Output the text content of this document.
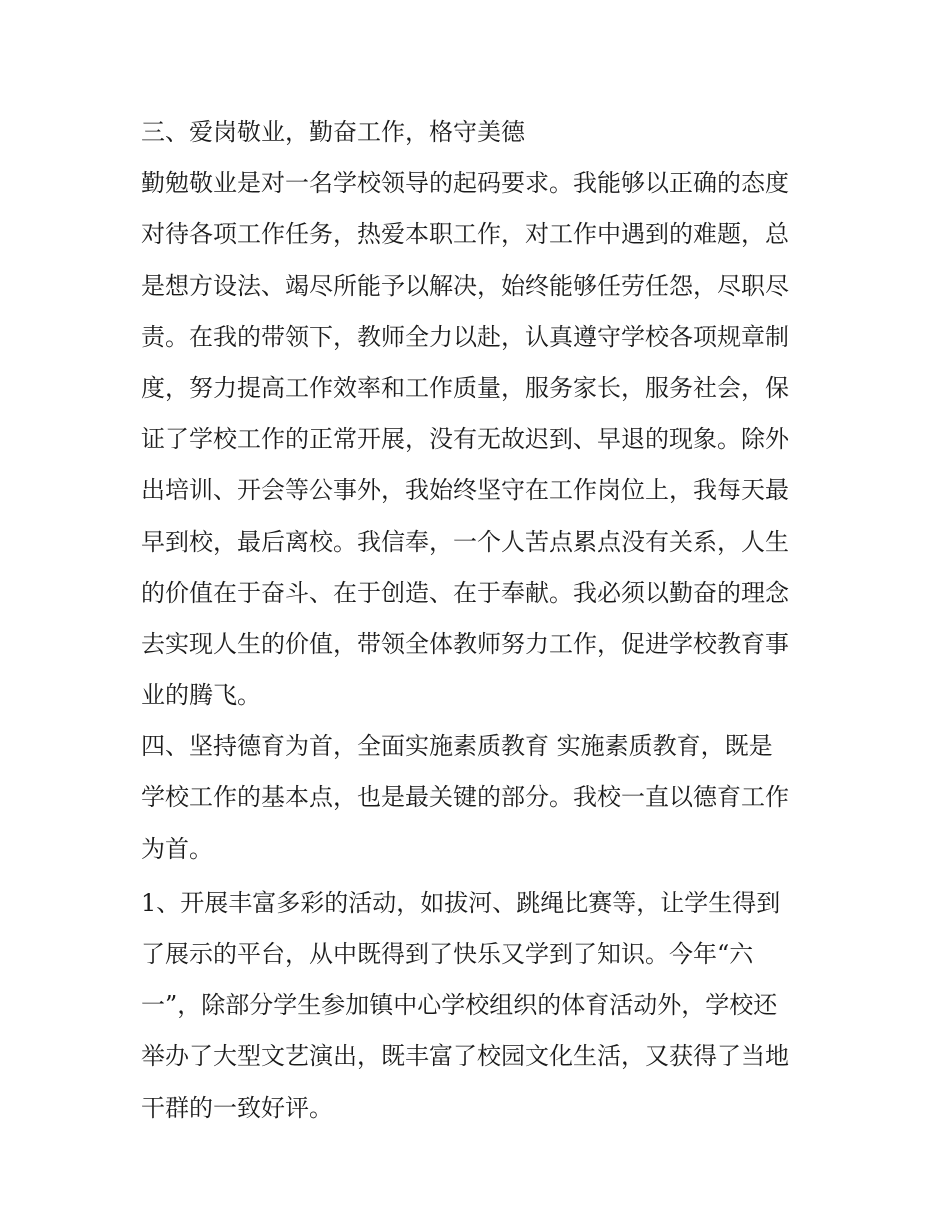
三、爱岗敬业，勤奋工作，格守美德
勤勉敬业是对一名学校领导的起码要求。我能够以正确的态度
对待各项工作任务，热爱本职工作，对工作中遇到的难题，总
是想方设法、竭尽所能予以解决，始终能够任劳任怨，尽职尽
责。在我的带领下，教师全力以赴，认真遵守学校各项规章制
度，努力提高工作效率和工作质量，服务家长，服务社会，保
证了学校工作的正常开展，没有无故迟到、早退的现象。除外
出培训、开会等公事外，我始终坚守在工作岗位上，我每天最
早到校，最后离校。我信奉，一个人苦点累点没有关系，人生
的价值在于奋斗、在于创造、在于奉献。我必须以勤奋的理念
去实现人生的价值，带领全体教师努力工作，促进学校教育事
业的腾飞。
四、坚持德育为首，全面实施素质教育 实施素质教育，既是
学校工作的基本点，也是最关键的部分。我校一直以德育工作
为首。
1、开展丰富多彩的活动，如拔河、跳绳比赛等，让学生得到
了展示的平台，从中既得到了快乐又学到了知识。今年“六
一”，除部分学生参加镇中心学校组织的体育活动外，学校还
举办了大型文艺演出，既丰富了校园文化生活，又获得了当地
干群的一致好评。
